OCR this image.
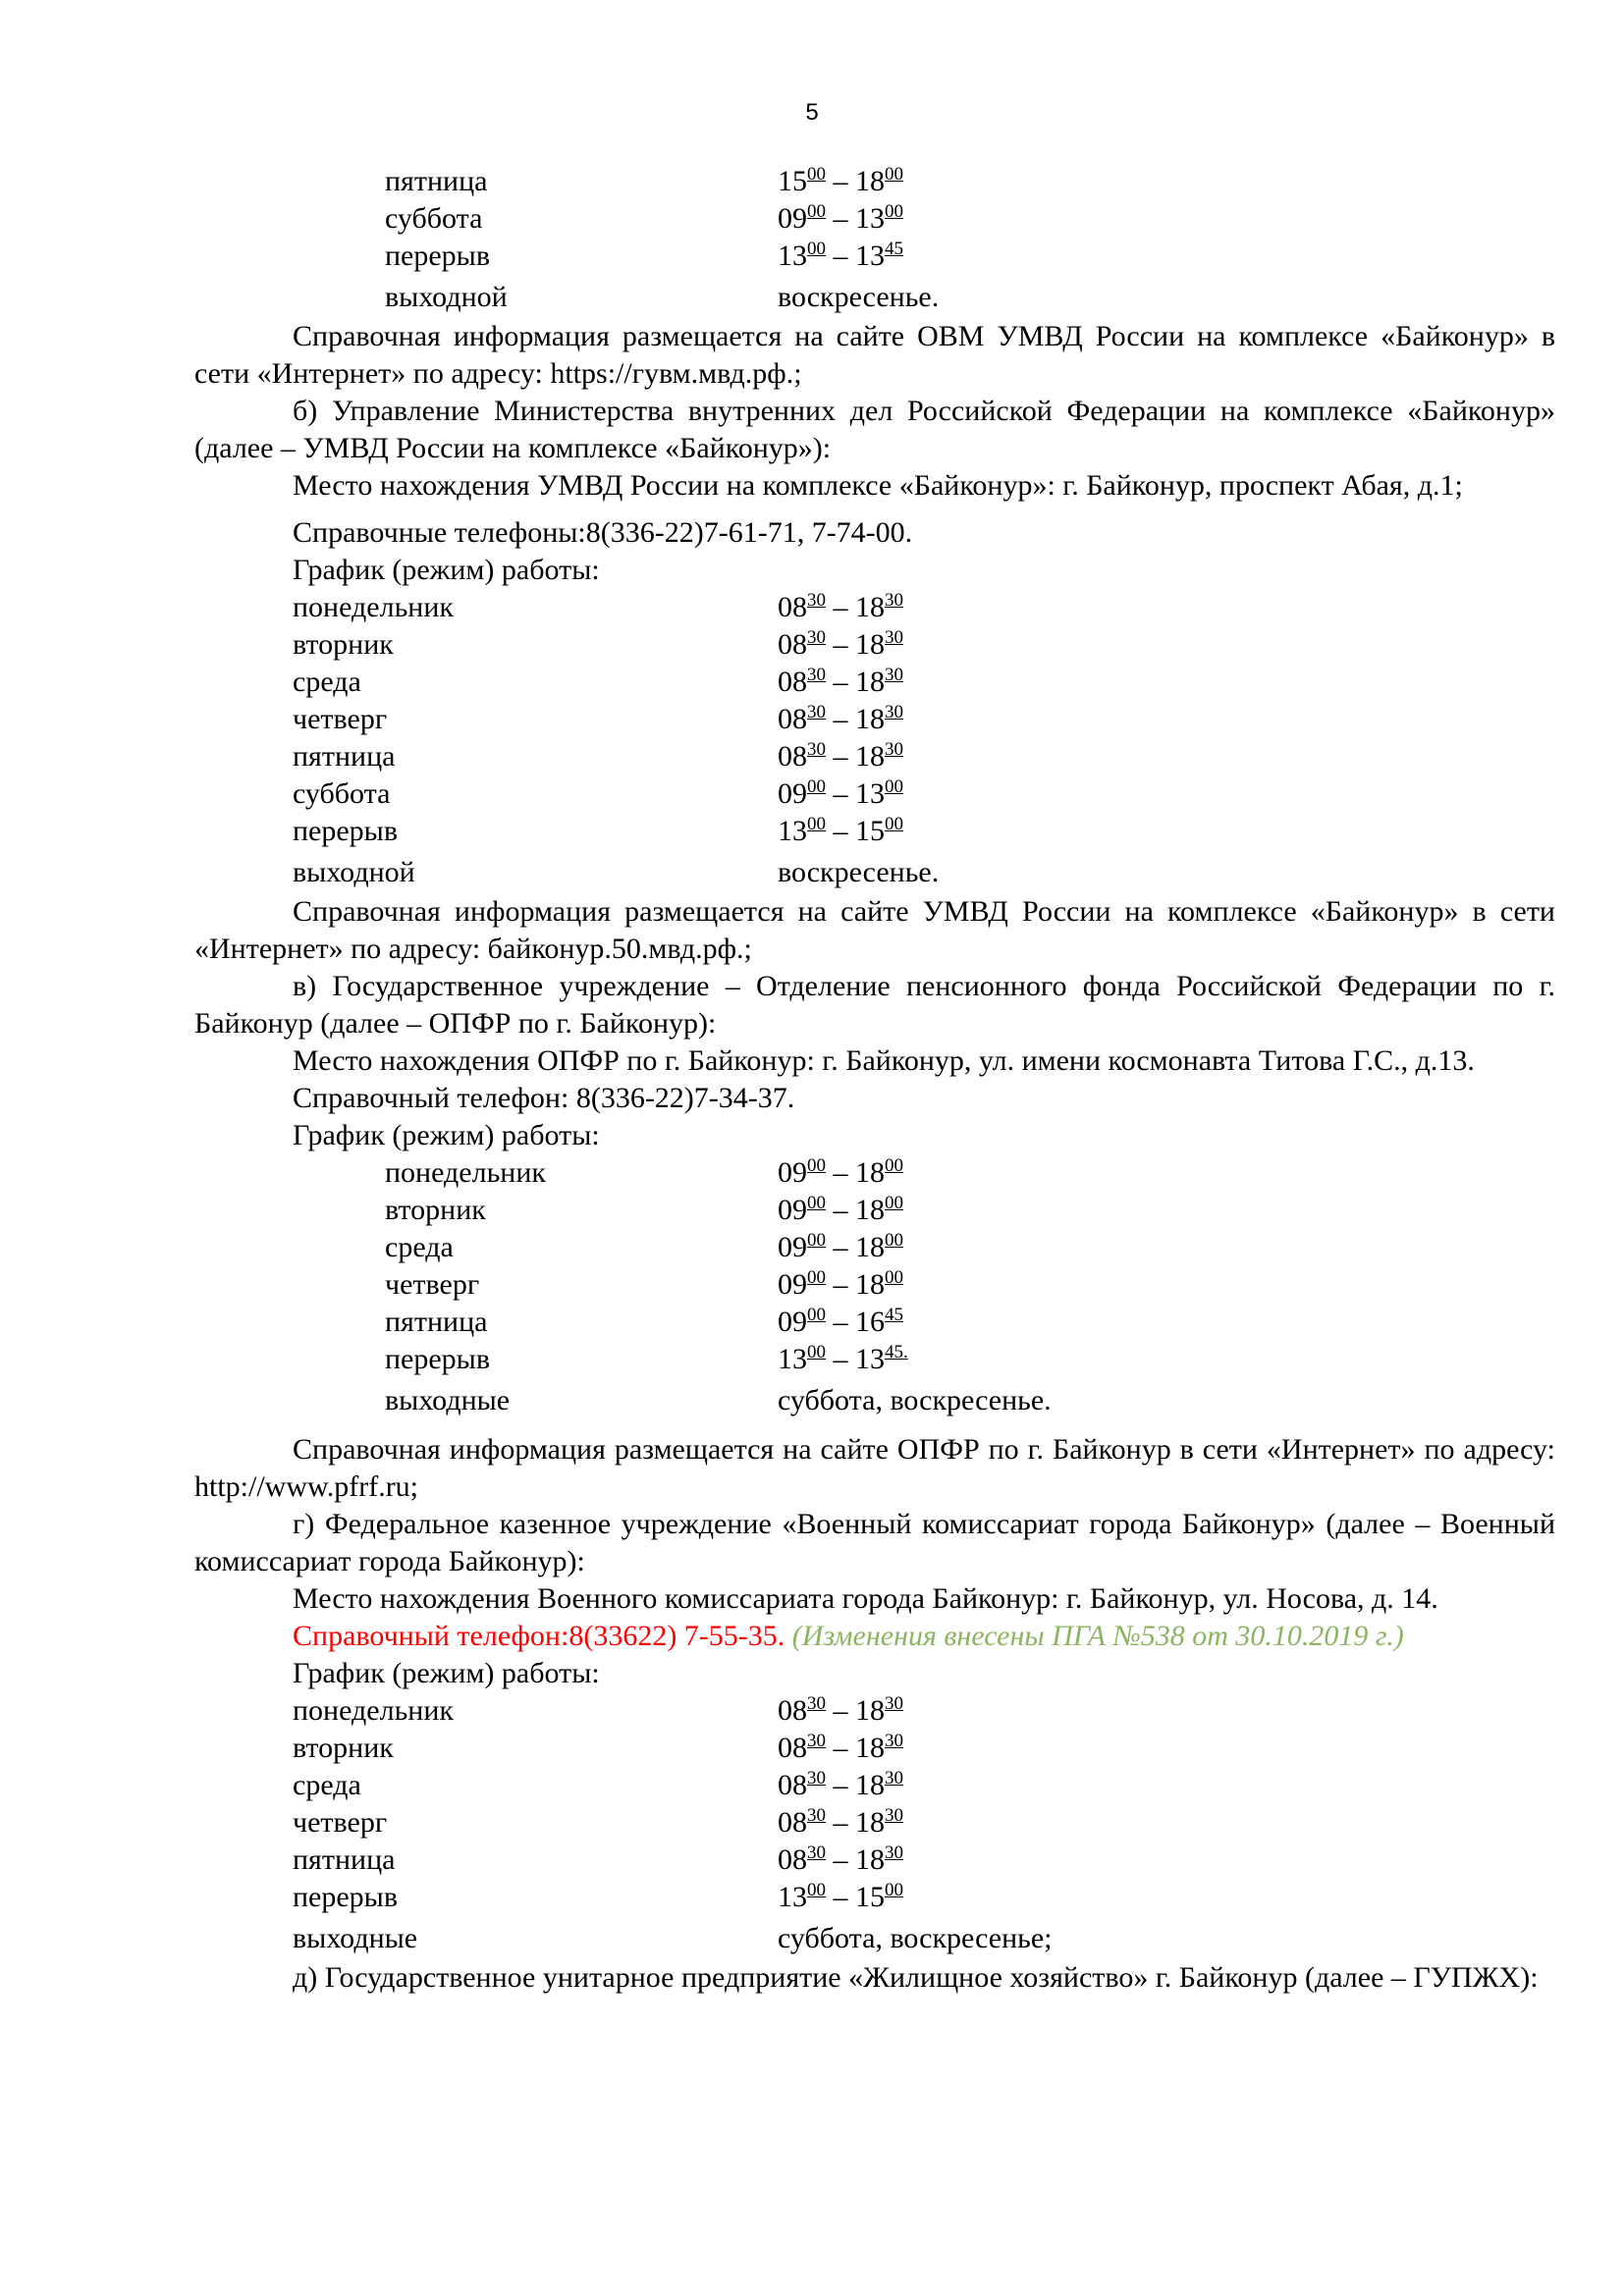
5
пятница	$15^{00} - 18^{00}$
суббота	$09^{00} - 13^{00}$
перерыв	$13^{00} - 13^{45}$
выходной	воскресенье.

Справочная информация размещается на сайте ОВМ УМВД России на комплексе «Байконур» в сети «Интернет» по адресу: https://гувм.мвд.рф.;

б) Управление Министерства внутренних дел Российской Федерации на комплексе «Байконур» (далее – УМВД России на комплексе «Байконур»):

Место нахождения УМВД России на комплексе «Байконур»: г. Байконур, проспект Абая, д.1;

Справочные телефоны:8(336-22)7-61-71, 7-74-00.

График (режим) работы:

понедельник	$08^{30} - 18^{30}$
вторник	$08^{30} - 18^{30}$
среда	$08^{30} - 18^{30}$
четверг	$08^{30} - 18^{30}$
пятница	$08^{30} - 18^{30}$
суббота	$09^{00} - 13^{00}$
перерыв	$13^{00} - 15^{00}$
выходной	воскресенье.

Справочная информация размещается на сайте УМВД России на комплексе «Байконур» в сети «Интернет» по адресу: байконур.50.мвд.рф.;

в) Государственное учреждение – Отделение пенсионного фонда Российской Федерации по г. Байконур (далее – ОПФР по г. Байконур):

Место нахождения ОПФР по г. Байконур: г. Байконур, ул. имени космонавта Титова Г.С., д.13.

Справочный телефон: 8(336-22)7-34-37.

График (режим) работы:

понедельник	$09^{00} - 18^{00}$
вторник	$09^{00} - 18^{00}$
среда	$09^{00} - 18^{00}$
четверг	$09^{00} - 18^{00}$
пятница	$09^{00} - 16^{45}$
перерыв	$13^{00} - 13^{45.}$
выходные	суббота, воскресенье.

Справочная информация размещается на сайте ОПФР по г. Байконур в сети «Интернет» по адресу: http://www.pfrf.ru;

г) Федеральное казенное учреждение «Военный комиссариат города Байконур» (далее – Военный комиссариат города Байконур):

Место нахождения Военного комиссариата города Байконур: г. Байконур, ул. Носова, д. 14.

Справочный телефон:8(33622) 7-55-35. (Изменения внесены ПГА №538 от 30.10.2019 г.)

График (режим) работы:

понедельник	$08^{30} - 18^{30}$
вторник	$08^{30} - 18^{30}$
среда	$08^{30} - 18^{30}$
четверг	$08^{30} - 18^{30}$
пятница	$08^{30} - 18^{30}$
перерыв	$13^{00} - 15^{00}$
выходные	суббота, воскресенье;

д) Государственное унитарное предприятие «Жилищное хозяйство» г. Байконур (далее – ГУПЖХ):
